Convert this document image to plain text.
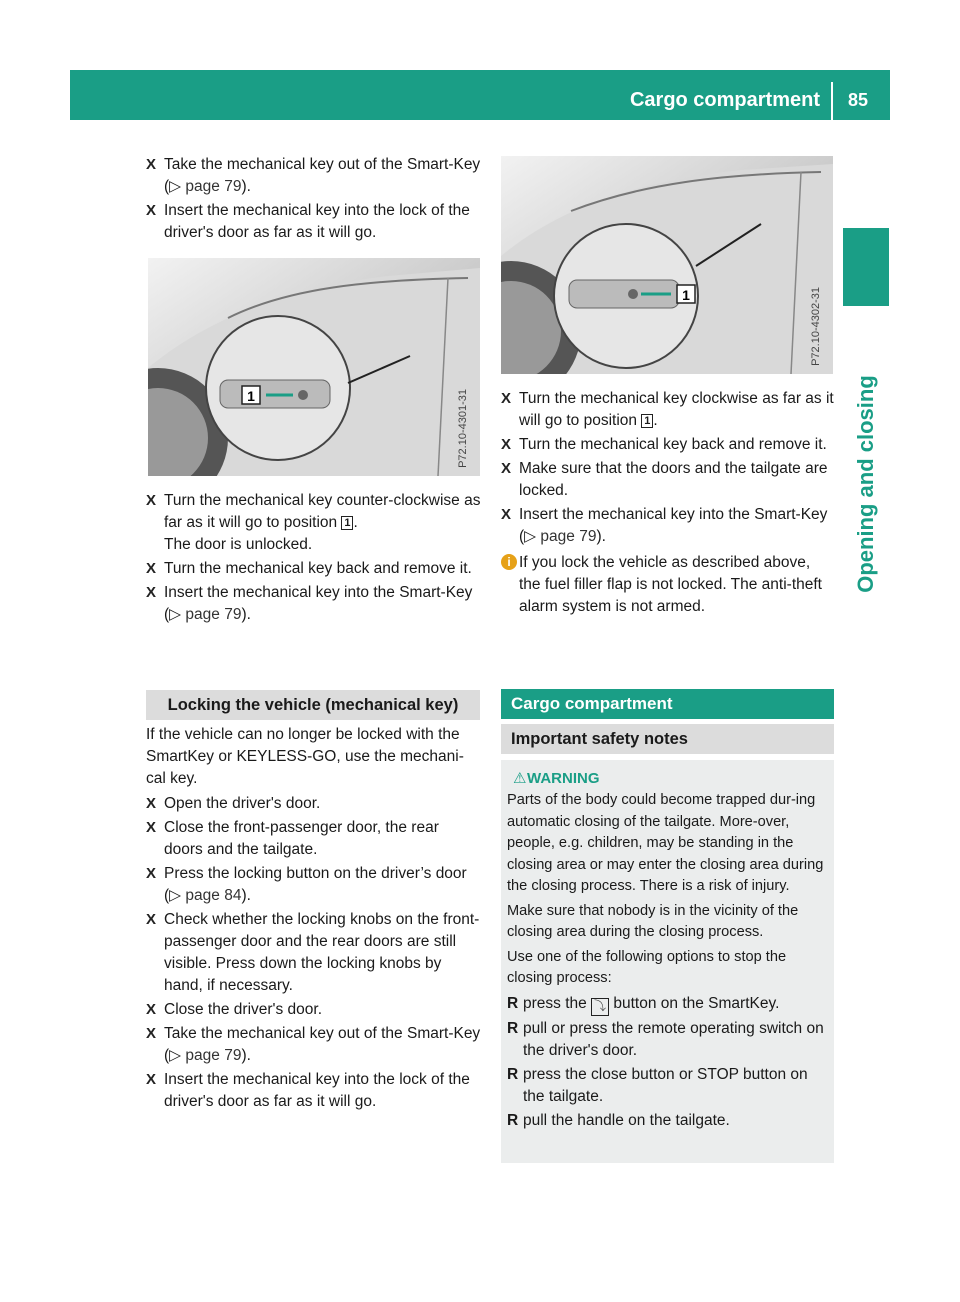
Cargo compartment 85
Opening and closing
X Take the mechanical key out of the Smart-Key (▷ page 79).
X Insert the mechanical key into the lock of the driver's door as far as it will go.
1	P72.10-4301-31
X Turn the mechanical key counter-clockwise as far as it will go to position 1 .
The door is unlocked.
X Turn the mechanical key back and remove it.
X Insert the mechanical key into the Smart-Key (▷ page 79).
Locking the vehicle (mechanical key)

If the vehicle can no longer be locked with the SmartKey or KEYLESS-GO, use the mechani-cal key.

X Open the driver's door.
X Close the front-passenger door, the rear doors and the tailgate.
X Press the locking button on the driver’s door (▷ page 84).
X Check whether the locking knobs on the front-passenger door and the rear doors are still visible. Press down the locking knobs by hand, if necessary.
X Close the driver's door.
X Take the mechanical key out of the Smart-Key (▷ page 79).
X Insert the mechanical key into the lock of the driver's door as far as it will go.
1	P72.10-4302-31
X Turn the mechanical key clockwise as far as it will go to position 1 .
X Turn the mechanical key back and remove it.
X Make sure that the doors and the tailgate are locked.
X Insert the mechanical key into the Smart-Key (▷ page 79).
i If you lock the vehicle as described above, the fuel filler flap is not locked. The anti-theft alarm system is not armed.
Cargo compartment
Important safety notes
⚠ WARNING

Parts of the body could become trapped dur-ing automatic closing of the tailgate. More-over, people, e.g. children, may be standing in the closing area or may enter the closing area during the closing process. There is a risk of injury.

Make sure that nobody is in the vicinity of the closing area during the closing process.

Use one of the following options to stop the closing process:

R press the ⤵ button on the SmartKey.
R pull or press the remote operating switch on the driver's door.
R press the close button or STOP button on the tailgate.
R pull the handle on the tailgate.
